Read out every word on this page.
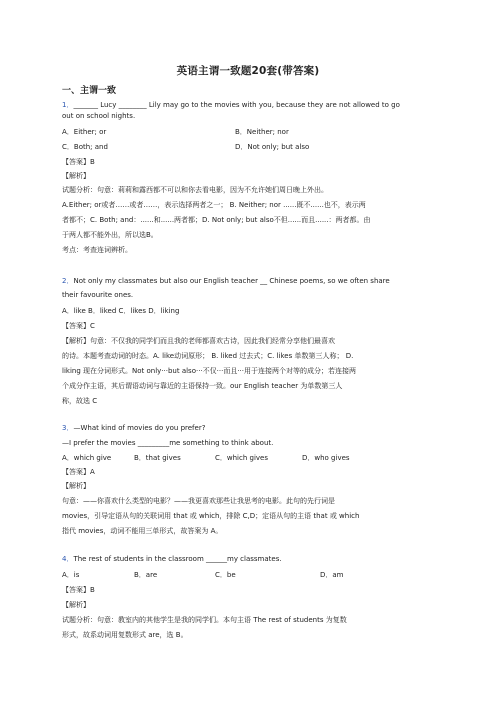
英语主谓一致题20套(带答案)
一、主谓一致
1．_______ Lucy ________ Lily may go to the movies with you, because they are not allowed to go
out on school nights.
A．Either; or	B．Neither; nor
C．Both; and	D．Not only; but also
【答案】B
【解析】
试题分析：句意：莉莉和露西都不可以和你去看电影，因为不允许她们周日晚上外出。
A.Either; or或者……或者……，表示选择两者之一； B. Neither; nor ......既不......也不，表示两
者都不；C. Both; and：......和......两者都；D. Not only; but also不但......而且......：两者都。由
于两人都不能外出，所以选B。
考点：考查连词辨析。
2．Not only my classmates but also our English teacher __ Chinese poems, so we often share
their favourite ones.
A．like B．liked C．likes D．liking
【答案】C
【解析】句意：不仅我的同学们而且我的老师都喜欢古诗，因此我们经常分享他们最喜欢
的诗。本题考查动词的时态。A. like动词原形； B. liked 过去式；C. likes 单数第三人称； D.
liking 现在分词形式。Not only···but also···不仅···而且···用于连接两个对等的成分；若连接两
个成分作主语，其后谓语动词与靠近的主语保持一致。our English teacher 为单数第三人
称，故选 C
3．—What kind of movies do you prefer?
—I prefer the movies _________me something to think about.
A．which give	B．that gives	C．which gives	D．who gives
【答案】A
【解析】
句意：——你喜欢什么类型的电影？——我更喜欢那些让我思考的电影。此句的先行词是
movies，引导定语从句的关联词用 that 或 which，排除 C,D；定语从句的主语 that 或 which
指代 movies，动词不能用三单形式，故答案为 A。
4．The rest of students in the classroom ______my classmates.
A．is	B．are	C．be	D．am
【答案】B
【解析】
试题分析：句意：教室内的其他学生是我的同学们。本句主语 The rest of students 为复数
形式，故系动词用复数形式 are，选 B。
